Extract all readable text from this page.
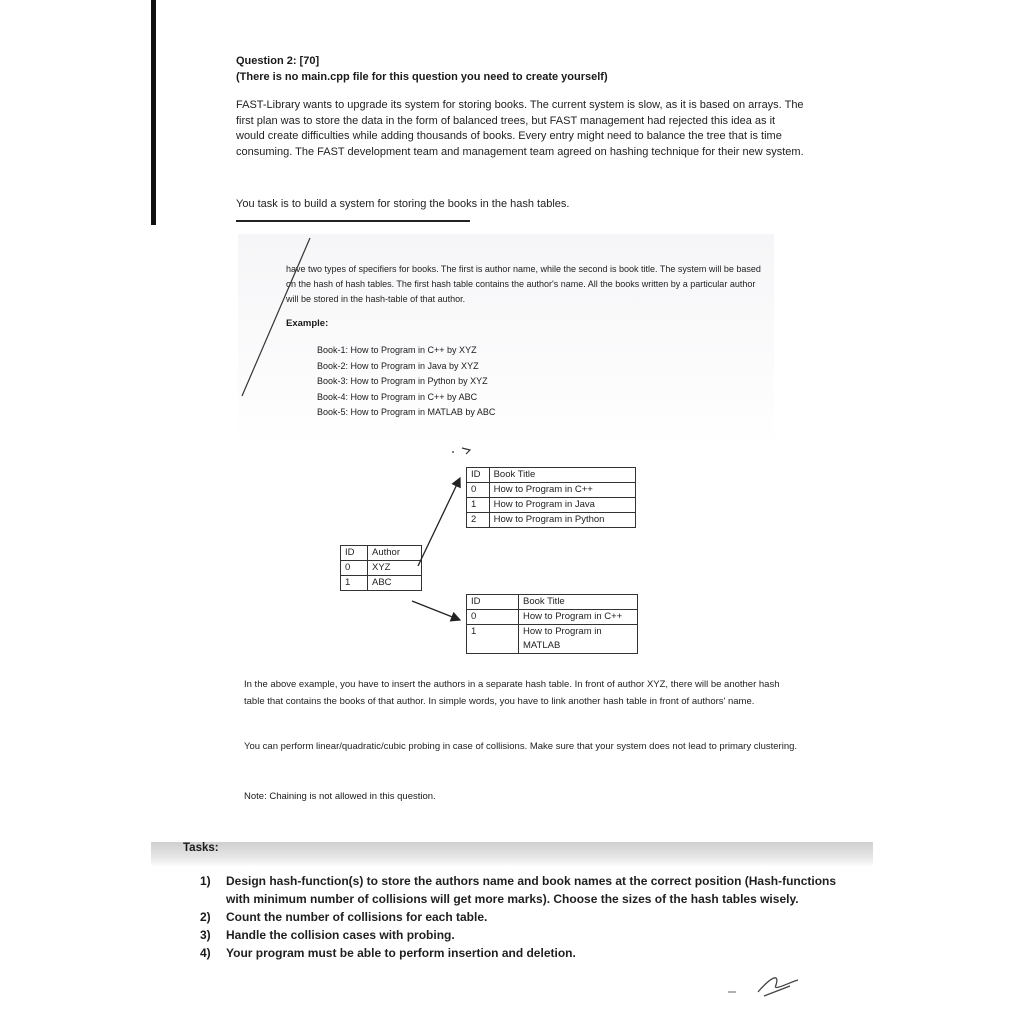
Question 2: [70]
(There is no main.cpp file for this question you need to create yourself)
FAST-Library wants to upgrade its system for storing books. The current system is slow, as it is based on arrays. The first plan was to store the data in the form of balanced trees, but FAST management had rejected this idea as it would create difficulties while adding thousands of books. Every entry might need to balance the tree that is time consuming. The FAST development team and management team agreed on hashing technique for their new system.
You task is to build a system for storing the books in the hash tables.
have two types of specifiers for books. The first is author name, while the second is book title. The system will be based on the hash of hash tables. The first hash table contains the author's name. All the books written by a particular author will be stored in the hash-table of that author.
Example:
Book-1: How to Program in C++ by XYZ
Book-2: How to Program in Java by XYZ
Book-3: How to Program in Python by XYZ
Book-4: How to Program in C++ by ABC
Book-5: How to Program in MATLAB by ABC
ID	Book Title
0	How to Program in C++
1	How to Program in Java
2	How to Program in Python
ID	Author
0	XYZ
1	ABC
ID	Book Title
0	How to Program in C++
1	How to Program in MATLAB
In the above example, you have to insert the authors in a separate hash table. In front of author XYZ, there will be another hash table that contains the books of that author. In simple words, you have to link another hash table in front of authors' name.
You can perform linear/quadratic/cubic probing in case of collisions. Make sure that your system does not lead to primary clustering.
Note: Chaining is not allowed in this question.
Tasks:
1)	Design hash-function(s) to store the authors name and book names at the correct position (Hash-functions with minimum number of collisions will get more marks). Choose the sizes of the hash tables wisely.
2)	Count the number of collisions for each table.
3)	Handle the collision cases with probing.
4)	Your program must be able to perform insertion and deletion.
